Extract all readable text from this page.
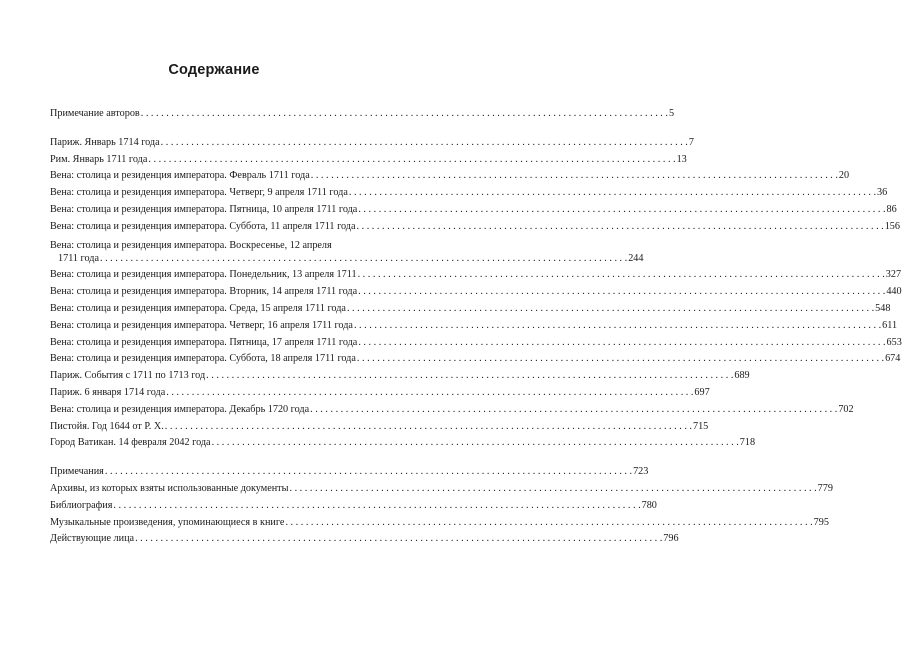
Содержание
Примечание авторов . . .	5
Париж. Январь 1714 года . . .	7
Рим. Январь 1711 года . . .	13
Вена: столица и резиденция императора. Февраль 1711 года . . .	20
Вена: столица и резиденция императора. Четверг, 9 апреля 1711 года . . .	36
Вена: столица и резиденция императора. Пятница, 10 апреля 1711 года . . .	86
Вена: столица и резиденция императора. Суббота, 11 апреля 1711 года . . .	156
Вена: столица и резиденция императора. Воскресенье, 12 апреля
1711 года . . .	244
Вена: столица и резиденция императора. Понедельник, 13 апреля 1711 . . .	327
Вена: столица и резиденция императора. Вторник, 14 апреля 1711 года . . .	440
Вена: столица и резиденция императора. Среда, 15 апреля 1711 года . . .	548
Вена: столица и резиденция императора. Четверг, 16 апреля 1711 года . . .	611
Вена: столица и резиденция императора. Пятница, 17 апреля 1711 года . . .	653
Вена: столица и резиденция императора. Суббота, 18 апреля 1711 года . . .	674
Париж. События с 1711 по 1713 год . . .	689
Париж. 6 января 1714 года . . .	697
Вена: столица и резиденция императора. Декабрь 1720 года . . .	702
Пистойя. Год 1644 от Р. Х. . . .	715
Город Ватикан. 14 февраля 2042 года . . .	718
Примечания . . .	723
Архивы, из которых взяты использованные документы . . .	779
Библиография . . .	780
Музыкальные произведения, упоминающиеся в книге . . .	795
Действующие лица . . .	796
